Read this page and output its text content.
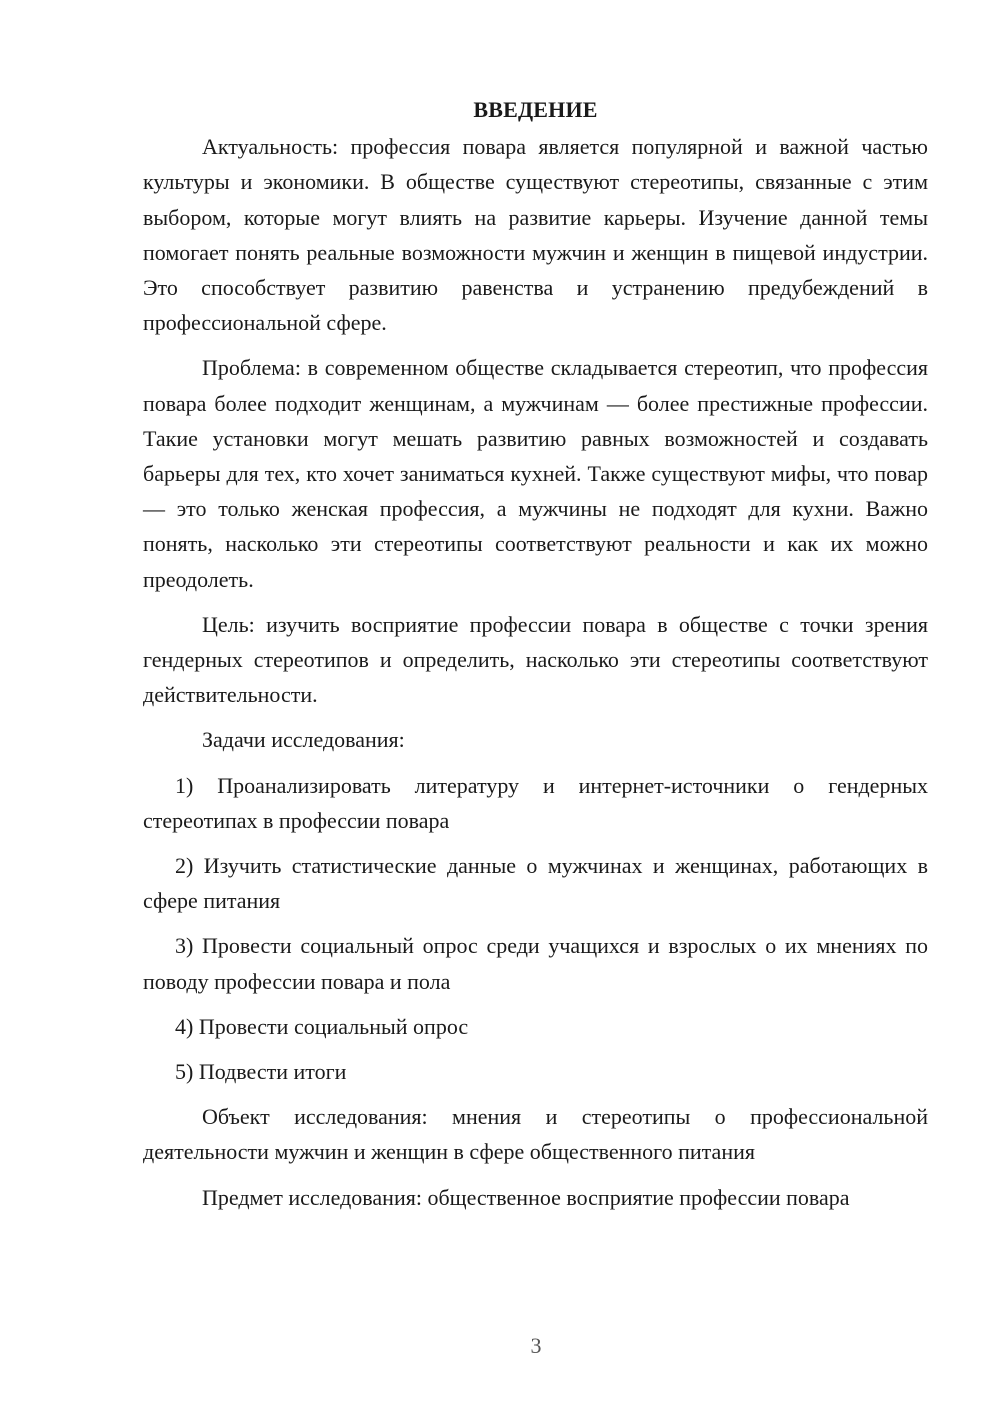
ВВЕДЕНИЕ

Актуальность: профессия повара является популярной и важной частью культуры и экономики. В обществе существуют стереотипы, связанные с этим выбором, которые могут влиять на развитие карьеры. Изучение данной темы помогает понять реальные возможности мужчин и женщин в пищевой индустрии. Это способствует развитию равенства и устранению предубеждений в профессиональной сфере.

Проблема: в современном обществе складывается стереотип, что профессия повара более подходит женщинам, а мужчинам — более престижные профессии. Такие установки могут мешать развитию равных возможностей и создавать барьеры для тех, кто хочет заниматься кухней. Также существуют мифы, что повар — это только женская профессия, а мужчины не подходят для кухни. Важно понять, насколько эти стереотипы соответствуют реальности и как их можно преодолеть.

Цель: изучить восприятие профессии повара в обществе с точки зрения гендерных стереотипов и определить, насколько эти стереотипы соответствуют действительности.

Задачи исследования:

1) Проанализировать литературу и интернет-источники о гендерных стереотипах в профессии повара

2) Изучить статистические данные о мужчинах и женщинах, работающих в сфере питания

3) Провести социальный опрос среди учащихся и взрослых о их мнениях по поводу профессии повара и пола

4) Провести социальный опрос

5) Подвести итоги

Объект исследования: мнения и стереотипы о профессиональной деятельности мужчин и женщин в сфере общественного питания

Предмет исследования: общественное восприятие профессии повара

3
